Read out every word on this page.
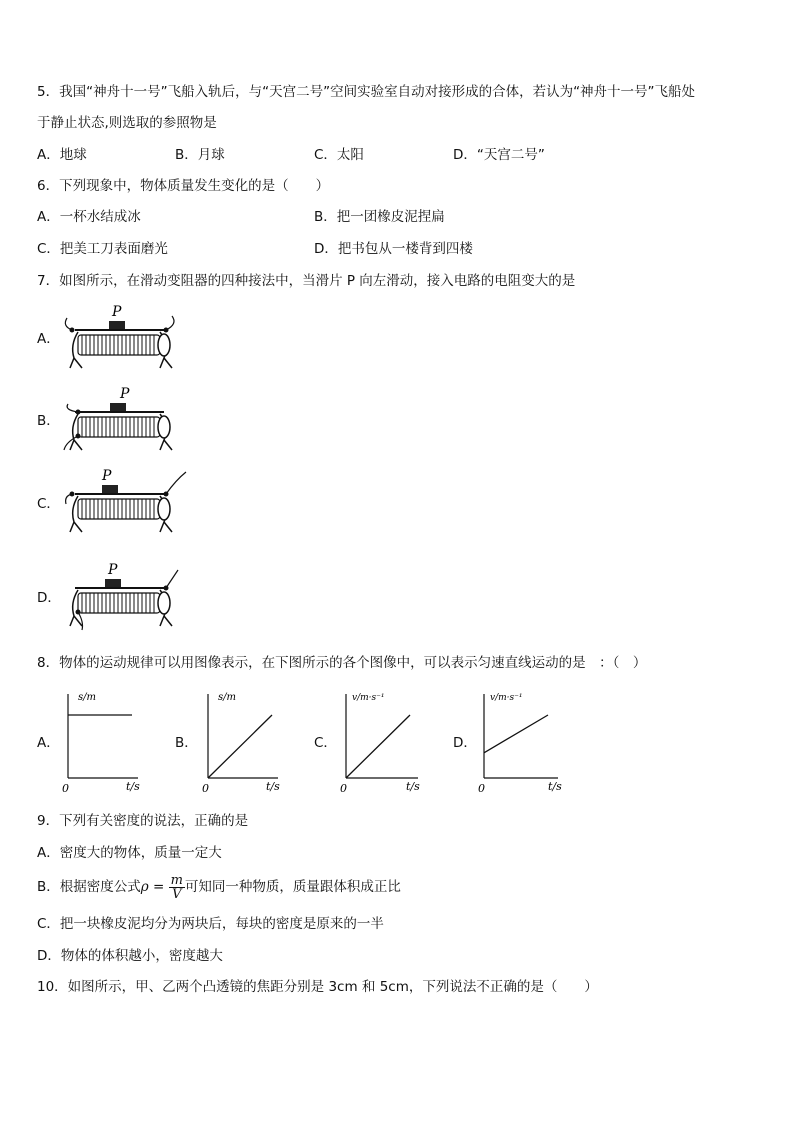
5．我国“神舟十一号”飞船入轨后，与“天宫二号”空间实验室自动对接形成的合体，若认为“神舟十一号”飞船处
于静止状态,则选取的参照物是
A．地球	B．月球	C．太阳	D．“天宫二号”
6．下列现象中，物体质量发生变化的是（　　）
A．一杯水结成冰	B．把一团橡皮泥捏扁
C．把美工刀表面磨光	D．把书包从一楼背到四楼
7．如图所示，在滑动变阻器的四种接法中，当滑片 P 向左滑动，接入电路的电阻变大的是
A．
B．
C．
D．
P
P
P
P
8．物体的运动规律可以用图像表示，在下图所示的各个图像中，可以表示匀速直线运动的是　：（　）
A．	B．	C．	D．
s/m
0	t/s
s/m
0	t/s
v/m·s⁻¹
0	t/s
v/m·s⁻¹
0	t/s
9．下列有关密度的说法，正确的是
A．密度大的物体，质量一定大
B．根据密度公式$\rho = \frac{m}{V}$ 可知同一种物质，质量跟体积成正比
C．把一块橡皮泥均分为两块后，每块的密度是原来的一半
D．物体的体积越小，密度越大
10．如图所示，甲、乙两个凸透镜的焦距分别是 3cm 和 5cm，下列说法不正确的是（　　）
